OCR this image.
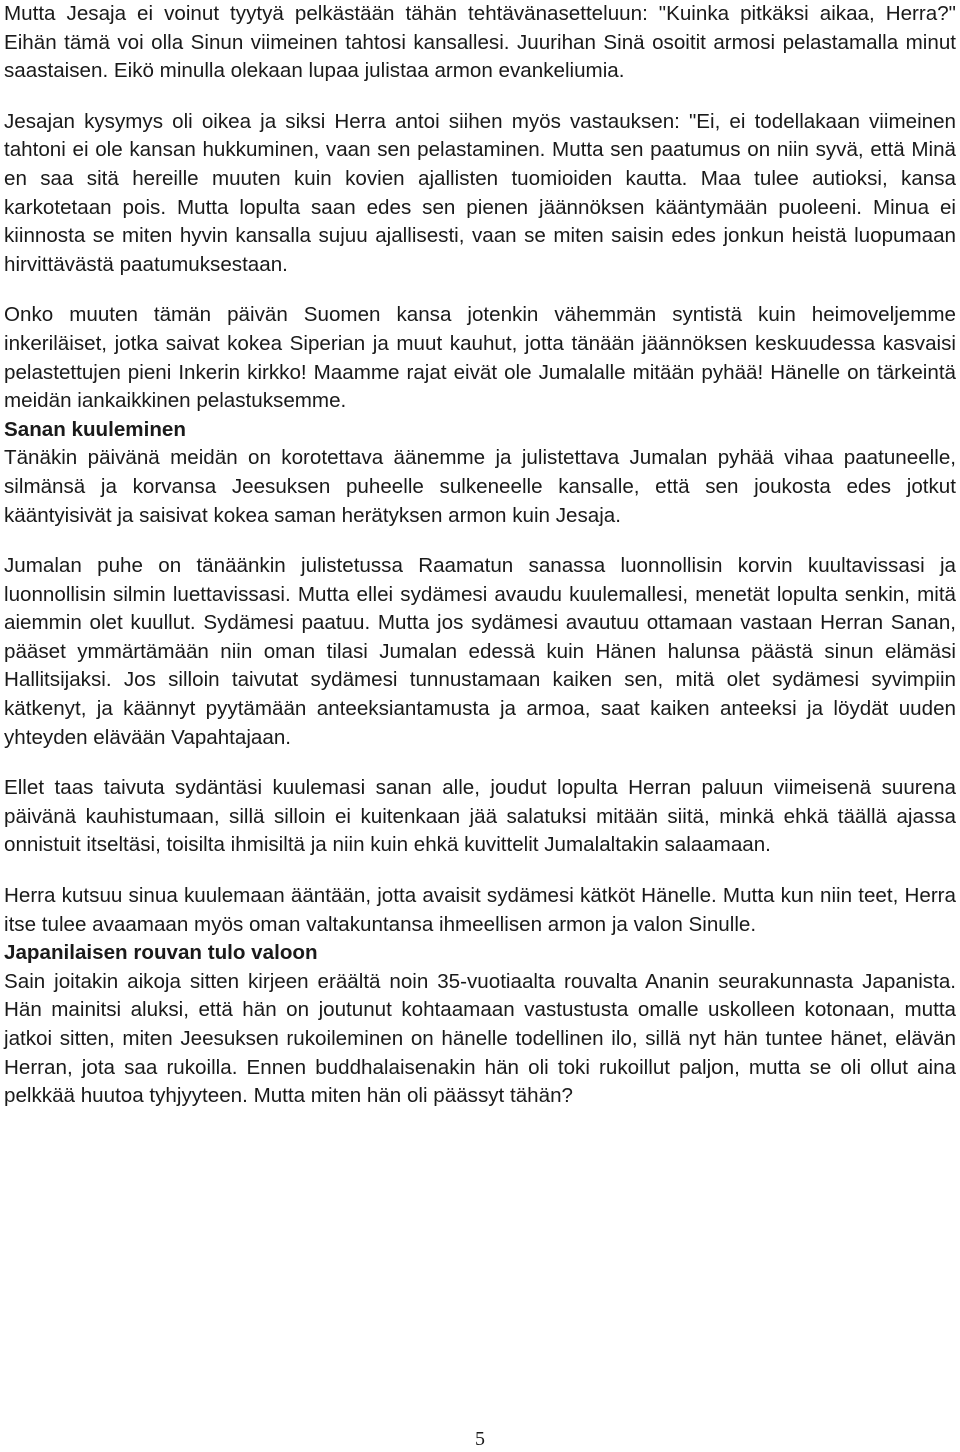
Mutta Jesaja ei voinut tyytyä pelkästään tähän tehtävänasetteluun: "Kuinka pitkäksi aikaa, Herra?" Eihän tämä voi olla Sinun viimeinen tahtosi kansallesi. Juurihan Sinä osoitit armosi pelastamalla minut saastaisen. Eikö minulla olekaan lupaa julistaa armon evankeliumia.

Jesajan kysymys oli oikea ja siksi Herra antoi siihen myös vastauksen: "Ei, ei todellakaan viimeinen tahtoni ei ole kansan hukkuminen, vaan sen pelastaminen. Mutta sen paatumus on niin syvä, että Minä en saa sitä hereille muuten kuin kovien ajallisten tuomioiden kautta. Maa tulee autioksi, kansa karkotetaan pois. Mutta lopulta saan edes sen pienen jäännöksen kääntymään puoleeni. Minua ei kiinnosta se miten hyvin kansalla sujuu ajallisesti, vaan se miten saisin edes jonkun heistä luopumaan hirvittävästä paatumuksestaan.

Onko muuten tämän päivän Suomen kansa jotenkin vähemmän syntistä kuin heimoveljemme inkeriläiset, jotka saivat kokea Siperian ja muut kauhut, jotta tänään jäännöksen keskuudessa kasvaisi pelastettujen pieni Inkerin kirkko! Maamme rajat eivät ole Jumalalle mitään pyhää! Hänelle on tärkeintä meidän iankaikkinen pelastuksemme.

Sanan kuuleminen

Tänäkin päivänä meidän on korotettava äänemme ja julistettava Jumalan pyhää vihaa paatuneelle, silmänsä ja korvansa Jeesuksen puheelle sulkeneelle kansalle, että sen joukosta edes jotkut kääntyisivät ja saisivat kokea saman herätyksen armon kuin Jesaja.

Jumalan puhe on tänäänkin julistetussa Raamatun sanassa luonnollisin korvin kuultavissasi ja luonnollisin silmin luettavissasi. Mutta ellei sydämesi avaudu kuulemallesi, menetät lopulta senkin, mitä aiemmin olet kuullut. Sydämesi paatuu. Mutta jos sydämesi avautuu ottamaan vastaan Herran Sanan, pääset ymmärtämään niin oman tilasi Jumalan edessä kuin Hänen halunsa päästä sinun elämäsi Hallitsijaksi. Jos silloin taivutat sydämesi tunnustamaan kaiken sen, mitä olet sydämesi syvimpiin kätkenyt, ja käännyt pyytämään anteeksiantamusta ja armoa, saat kaiken anteeksi ja löydät uuden yhteyden elävään Vapahtajaan.

Ellet taas taivuta sydäntäsi kuulemasi sanan alle, joudut lopulta Herran paluun viimeisenä suurena päivänä kauhistumaan, sillä silloin ei kuitenkaan jää salatuksi mitään siitä, minkä ehkä täällä ajassa onnistuit itseltäsi, toisilta ihmisiltä ja niin kuin ehkä kuvittelit Jumalaltakin salaamaan.

Herra kutsuu sinua kuulemaan ääntään, jotta avaisit sydämesi kätköt Hänelle. Mutta kun niin teet, Herra itse tulee avaamaan myös oman valtakuntansa ihmeellisen armon ja valon Sinulle.

Japanilaisen rouvan tulo valoon

Sain joitakin aikoja sitten kirjeen eräältä noin 35-vuotiaalta rouvalta Ananin seurakunnasta Japanista. Hän mainitsi aluksi, että hän on joutunut kohtaamaan vastustusta omalle uskolleen kotonaan, mutta jatkoi sitten, miten Jeesuksen rukoileminen on hänelle todellinen ilo, sillä nyt hän tuntee hänet, elävän Herran, jota saa rukoilla. Ennen buddhalaisenakin hän oli toki rukoillut paljon, mutta se oli ollut aina pelkkää huutoa tyhjyyteen. Mutta miten hän oli päässyt tähän?

5
